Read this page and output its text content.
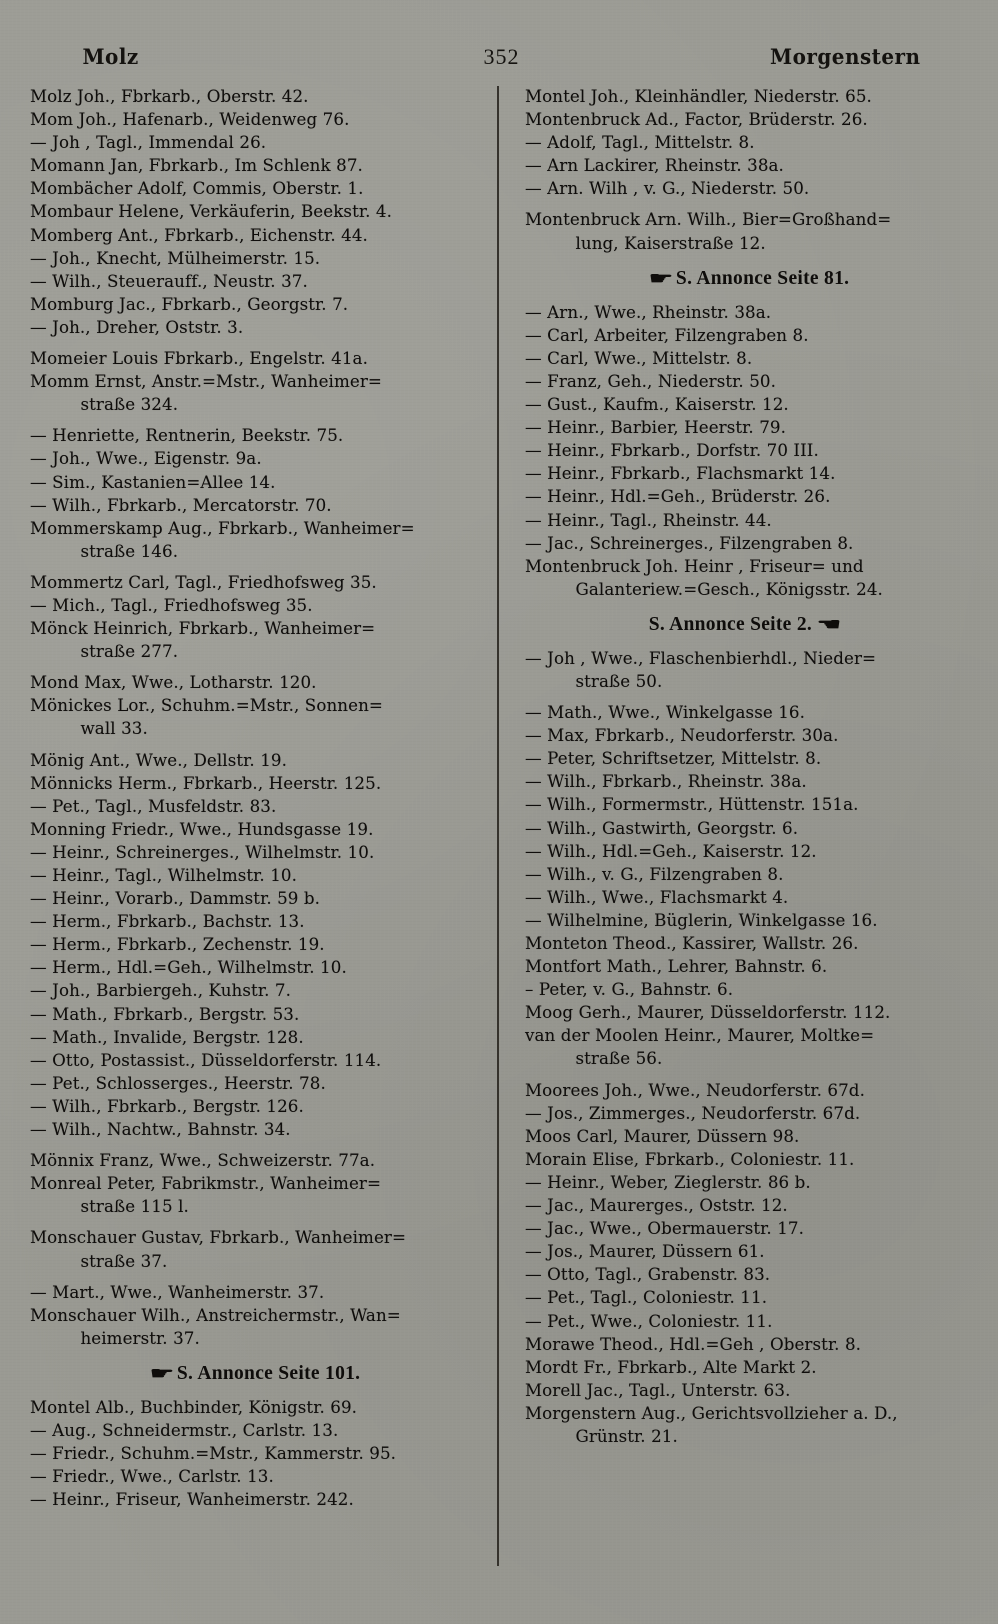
Molz	352	Morgenstern

Molz Joh., Fbrkarb., Oberstr. 42.

Mom Joh., Hafenarb., Weidenweg 76.

— Joh , Tagl., Immendal 26.

Momann Jan, Fbrkarb., Im Schlenk 87.

Mombächer Adolf, Commis, Oberstr. 1.

Mombaur Helene, Verkäuferin, Beekstr. 4.

Momberg Ant., Fbrkarb., Eichenstr. 44.

— Joh., Knecht, Mülheimerstr. 15.

— Wilh., Steuerauff., Neustr. 37.

Momburg Jac., Fbrkarb., Georgstr. 7.

— Joh., Dreher, Oststr. 3.

Momeier Louis Fbrkarb., Engelstr. 41a.

Momm Ernst, Anstr.=Mstr., Wanheimer=

straße 324.

— Henriette, Rentnerin, Beekstr. 75.

— Joh., Wwe., Eigenstr. 9a.

— Sim., Kastanien=Allee 14.

— Wilh., Fbrkarb., Mercatorstr. 70.

Mommerskamp Aug., Fbrkarb., Wanheimer=

straße 146.

Mommertz Carl, Tagl., Friedhofsweg 35.

— Mich., Tagl., Friedhofsweg 35.

Mönck Heinrich, Fbrkarb., Wanheimer=

straße 277.

Mond Max, Wwe., Lotharstr. 120.

Mönickes Lor., Schuhm.=Mstr., Sonnen=

wall 33.

Mönig Ant., Wwe., Dellstr. 19.

Mönnicks Herm., Fbrkarb., Heerstr. 125.

— Pet., Tagl., Musfeldstr. 83.

Monning Friedr., Wwe., Hundsgasse 19.

— Heinr., Schreinerges., Wilhelmstr. 10.

— Heinr., Tagl., Wilhelmstr. 10.

— Heinr., Vorarb., Dammstr. 59 b.

— Herm., Fbrkarb., Bachstr. 13.

— Herm., Fbrkarb., Zechenstr. 19.

— Herm., Hdl.=Geh., Wilhelmstr. 10.

— Joh., Barbiergeh., Kuhstr. 7.

— Math., Fbrkarb., Bergstr. 53.

— Math., Invalide, Bergstr. 128.

— Otto, Postassist., Düsseldorferstr. 114.

— Pet., Schlosserges., Heerstr. 78.

— Wilh., Fbrkarb., Bergstr. 126.

— Wilh., Nachtw., Bahnstr. 34.

Mönnix Franz, Wwe., Schweizerstr. 77a.

Monreal Peter, Fabrikmstr., Wanheimer=

straße 115 l.

Monschauer Gustav, Fbrkarb., Wanheimer=

straße 37.

— Mart., Wwe., Wanheimerstr. 37.

Monschauer Wilh., Anstreichermstr., Wan=

heimerstr. 37.

☛ S. Annonce Seite 101.

Montel Alb., Buchbinder, Königstr. 69.

— Aug., Schneidermstr., Carlstr. 13.

— Friedr., Schuhm.=Mstr., Kammerstr. 95.

— Friedr., Wwe., Carlstr. 13.

— Heinr., Friseur, Wanheimerstr. 242.

Montel Joh., Kleinhändler, Niederstr. 65.

Montenbruck Ad., Factor, Brüderstr. 26.

— Adolf, Tagl., Mittelstr. 8.

— Arn Lackirer, Rheinstr. 38a.

— Arn. Wilh , v. G., Niederstr. 50.

Montenbruck Arn. Wilh., Bier=Großhand=

lung, Kaiserstraße 12.

☛ S. Annonce Seite 81.

— Arn., Wwe., Rheinstr. 38a.

— Carl, Arbeiter, Filzengraben 8.

— Carl, Wwe., Mittelstr. 8.

— Franz, Geh., Niederstr. 50.

— Gust., Kaufm., Kaiserstr. 12.

— Heinr., Barbier, Heerstr. 79.

— Heinr., Fbrkarb., Dorfstr. 70 III.

— Heinr., Fbrkarb., Flachsmarkt 14.

— Heinr., Hdl.=Geh., Brüderstr. 26.

— Heinr., Tagl., Rheinstr. 44.

— Jac., Schreinerges., Filzengraben 8.

Montenbruck Joh. Heinr , Friseur= und

Galanteriew.=Gesch., Königsstr. 24.

S. Annonce Seite 2. ☚

— Joh , Wwe., Flaschenbierhdl., Nieder=

straße 50.

— Math., Wwe., Winkelgasse 16.

— Max, Fbrkarb., Neudorferstr. 30a.

— Peter, Schriftsetzer, Mittelstr. 8.

— Wilh., Fbrkarb., Rheinstr. 38a.

— Wilh., Formermstr., Hüttenstr. 151a.

— Wilh., Gastwirth, Georgstr. 6.

— Wilh., Hdl.=Geh., Kaiserstr. 12.

— Wilh., v. G., Filzengraben 8.

— Wilh., Wwe., Flachsmarkt 4.

— Wilhelmine, Büglerin, Winkelgasse 16.

Monteton Theod., Kassirer, Wallstr. 26.

Montfort Math., Lehrer, Bahnstr. 6.

– Peter, v. G., Bahnstr. 6.

Moog Gerh., Maurer, Düsseldorferstr. 112.

van der Moolen Heinr., Maurer, Moltke=

straße 56.

Moorees Joh., Wwe., Neudorferstr. 67d.

— Jos., Zimmerges., Neudorferstr. 67d.

Moos Carl, Maurer, Düssern 98.

Morain Elise, Fbrkarb., Coloniestr. 11.

— Heinr., Weber, Zieglerstr. 86 b.

— Jac., Maurerges., Oststr. 12.

— Jac., Wwe., Obermauerstr. 17.

— Jos., Maurer, Düssern 61.

— Otto, Tagl., Grabenstr. 83.

— Pet., Tagl., Coloniestr. 11.

— Pet., Wwe., Coloniestr. 11.

Morawe Theod., Hdl.=Geh , Oberstr. 8.

Mordt Fr., Fbrkarb., Alte Markt 2.

Morell Jac., Tagl., Unterstr. 63.

Morgenstern Aug., Gerichtsvollzieher a. D.,

Grünstr. 21.
